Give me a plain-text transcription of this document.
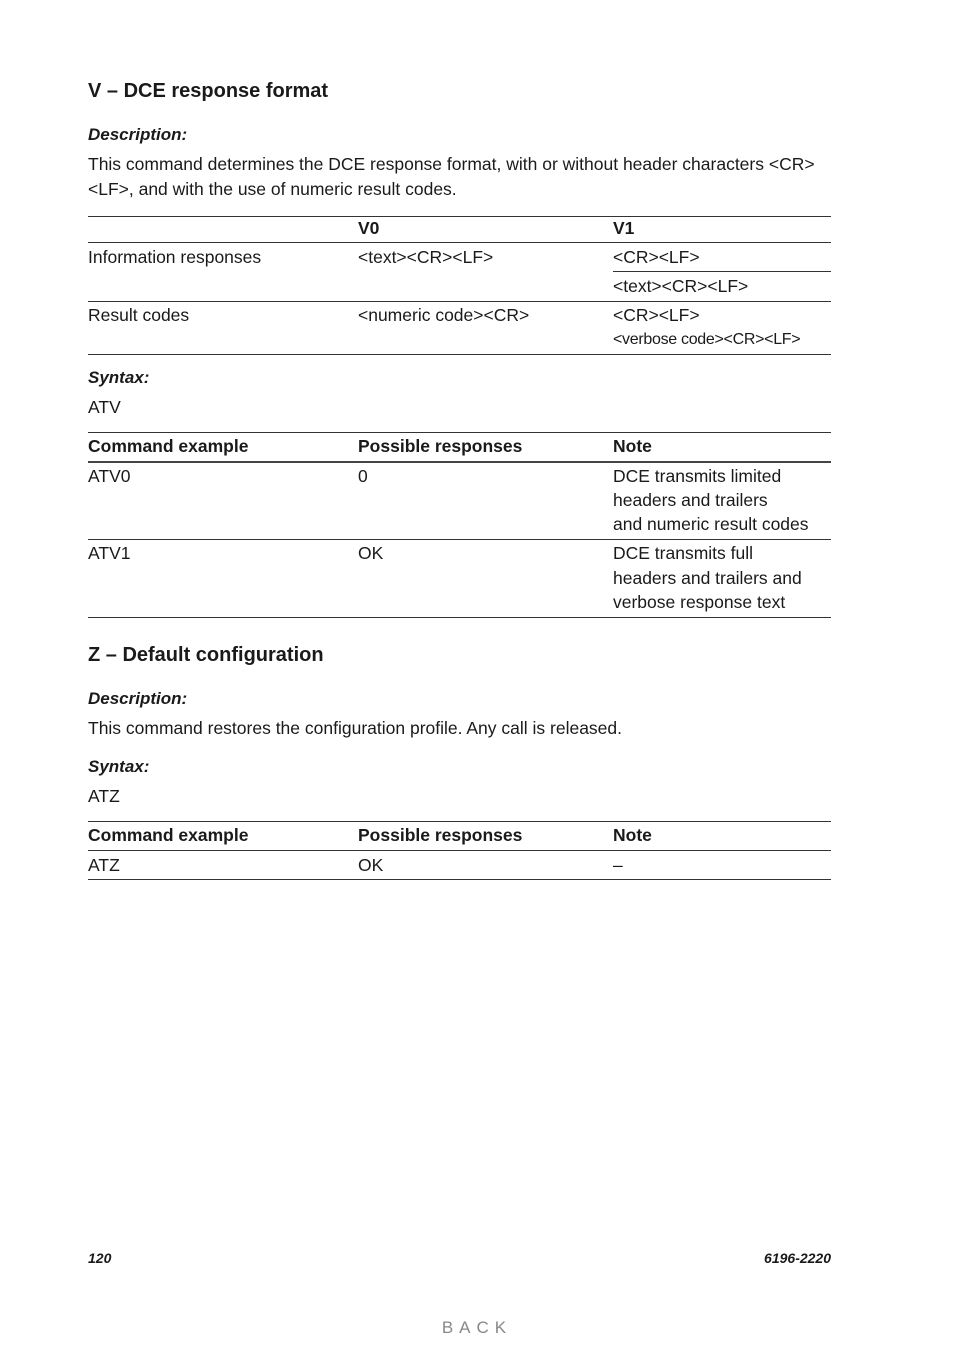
V – DCE response format
Description:
This command determines the DCE response format, with or without header characters <CR><LF>, and with the use of numeric result codes.
V0	V1
Information responses	<text><CR><LF>	<CR><LF>
<text><CR><LF>
Result codes	<numeric code><CR>	<CR><LF>
<verbose code><CR><LF>
Syntax:
ATV
Command example	Possible responses	Note
ATV0	0	DCE transmits limited
headers and trailers
and numeric result codes
ATV1	OK	DCE transmits full
headers and trailers and
verbose response text
Z – Default configuration
Description:
This command restores the configuration profile. Any call is released.
Syntax:
ATZ
Command example	Possible responses	Note
ATZ	OK	–
120	6196-2220
BACK
